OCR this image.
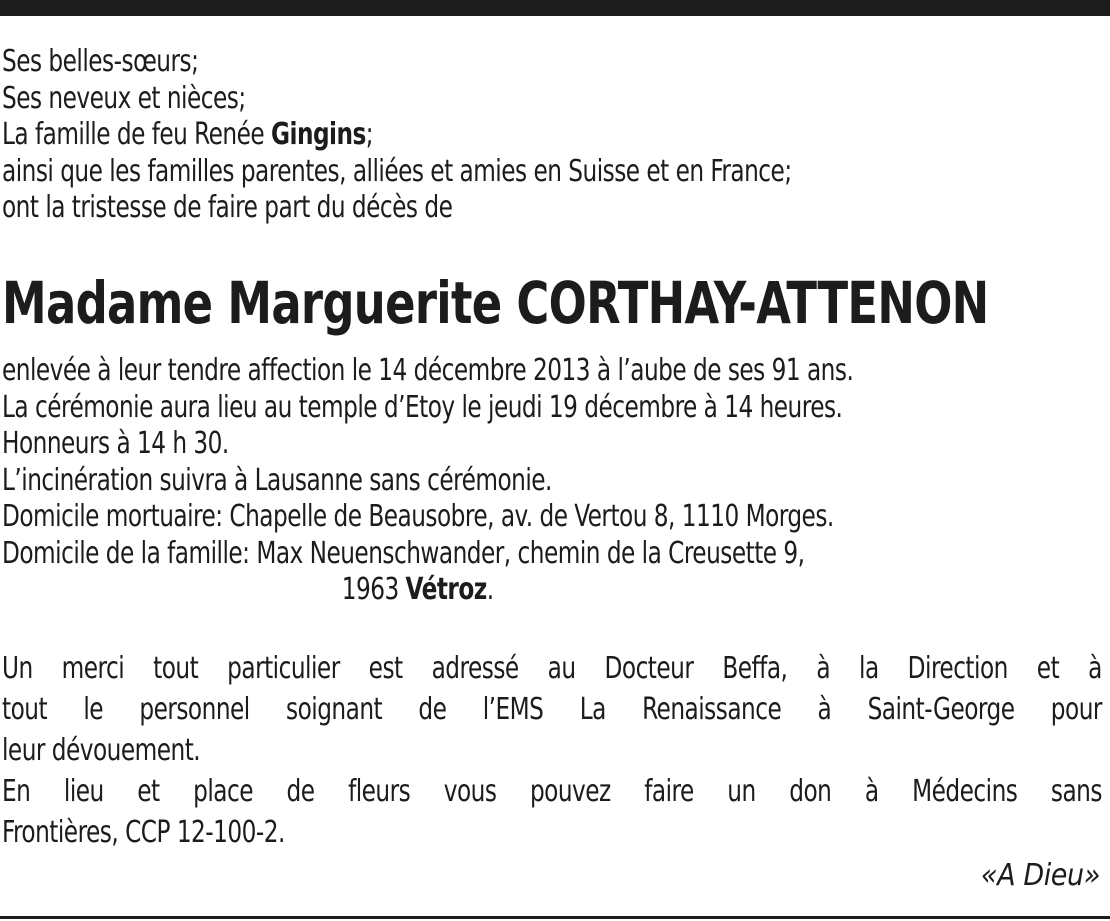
Ses belles-sœurs;
Ses neveux et nièces;
La famille de feu Renée Gingins;
ainsi que les familles parentes, alliées et amies en Suisse et en France;
ont la tristesse de faire part du décès de
Madame Marguerite CORTHAY-ATTENON
enlevée à leur tendre affection le 14 décembre 2013 à l’aube de ses 91 ans.
La cérémonie aura lieu au temple d’Etoy le jeudi 19 décembre à 14 heures.
Honneurs à 14 h 30.
L’incinération suivra à Lausanne sans cérémonie.
Domicile mortuaire: Chapelle de Beausobre, av. de Vertou 8, 1110 Morges.
Domicile de la famille: Max Neuenschwander, chemin de la Creusette 9,
1963 Vétroz.
Un merci tout particulier est adressé au Docteur Beffa, à la Direction et à
tout le personnel soignant de l’EMS La Renaissance à Saint-George pour
leur dévouement.
En lieu et place de fleurs vous pouvez faire un don à Médecins sans
Frontières, CCP 12-100-2.
«A Dieu»
